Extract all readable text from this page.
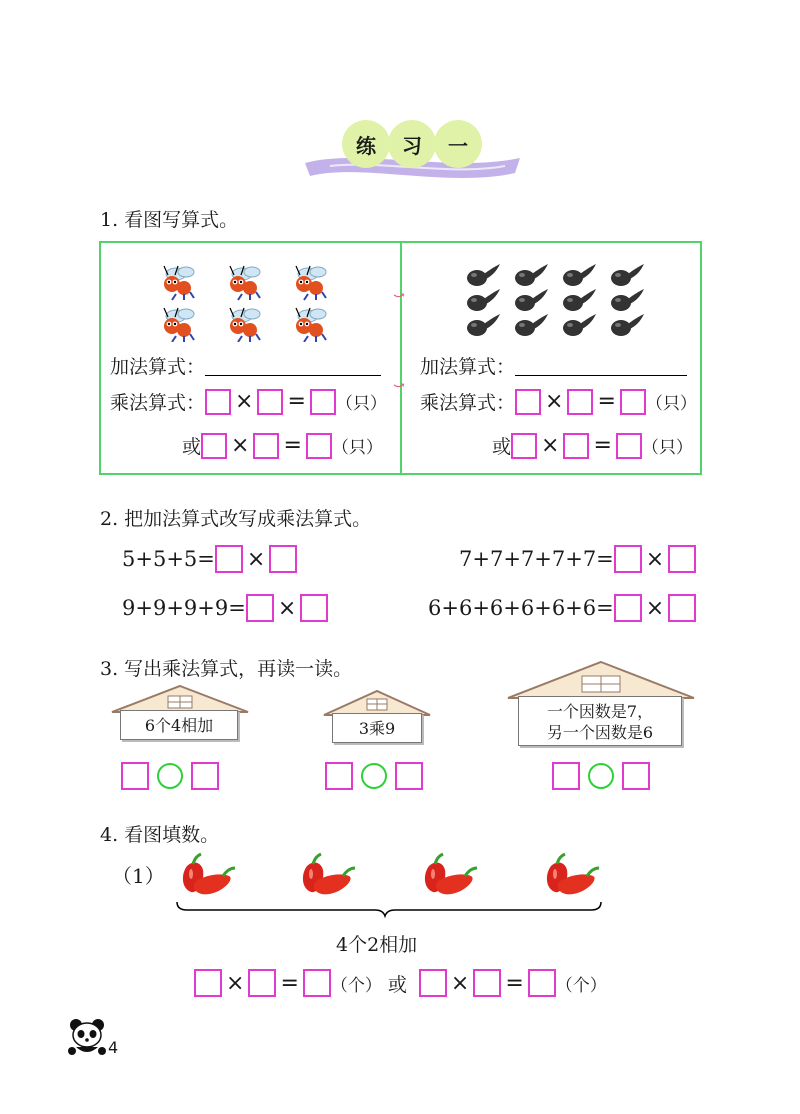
练 习 一
1. 看图写算式。
⤻
⤻
加法算式：
乘法算式： × = （只）
或 × = （只）
加法算式：
乘法算式： × = （只）
或 × = （只）
2. 把加法算式改写成乘法算式。
5+5+5= ×	7+7+7+7+7= ×
9+9+9+9= ×	6+6+6+6+6+6= ×
3. 写出乘法算式，再读一读。
6个4相加	3乘9
一个因数是7，
另一个因数是6
4. 看图填数。
（1）
4个2相加
× = （个） 或 × = （个）
4
